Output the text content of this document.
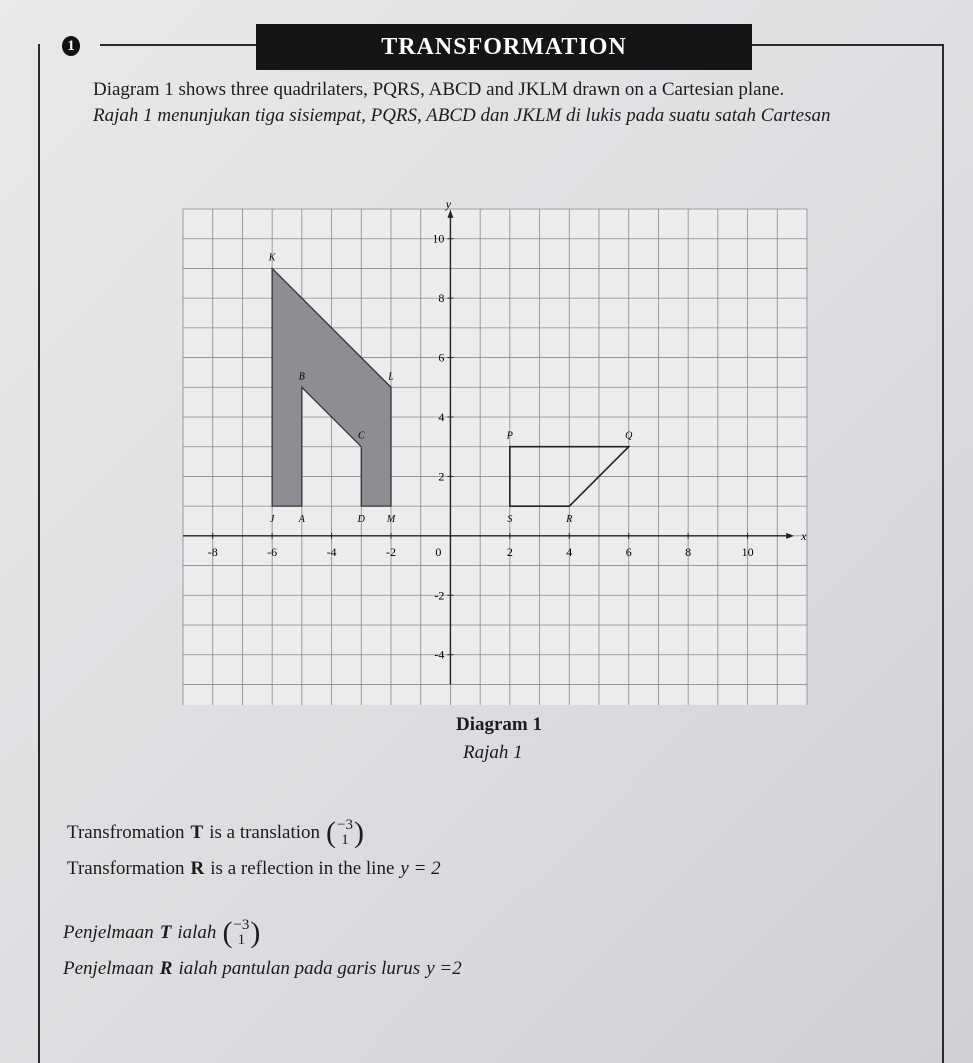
1	TRANSFORMATION
Diagram 1 shows three quadrilaters, PQRS, ABCD and JKLM drawn on a Cartesian plane.
Rajah 1 menunjukan tiga sisiempat, PQRS, ABCD dan JKLM di lukis pada suatu satah Cartesan
x
y
-8	-6	-4	-2	0	2	4	6	8	10
10
8
6
4
2
-2
-4
K
B	L
C
J A	D M
P	Q
S	R
Diagram 1
Rajah 1
Transfromation T is a translation ( −3
1 )
Transformation R is a reflection in the line y = 2
Penjelmaan T ialah ( −3
1 )
Penjelmaan R ialah pantulan pada garis lurus y =2
